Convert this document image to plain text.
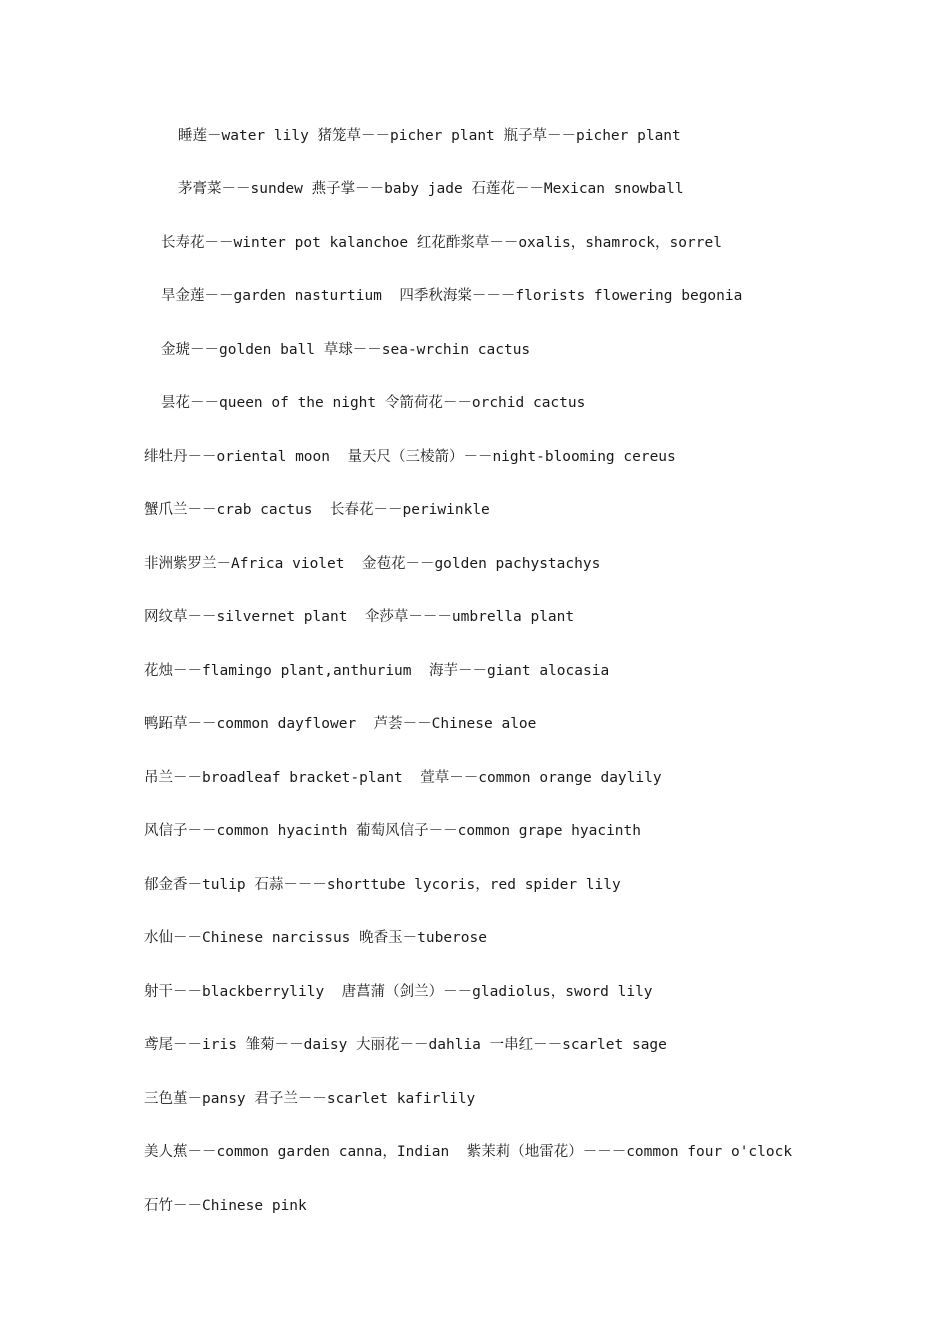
睡莲－water lily 猪笼草－－picher plant 瓶子草－－picher plant
茅膏菜－－sundew 燕子掌－－baby jade 石莲花－－Mexican snowball
长寿花－－winter pot kalanchoe 红花酢浆草－－oxalis，shamrock，sorrel
旱金莲－－garden nasturtium  四季秋海棠－－－florists flowering begonia
金琥－－golden ball 草球－－sea-wrchin cactus
昙花－－queen of the night 令箭荷花－－orchid cactus
绯牡丹－－oriental moon  量天尺（三棱箭）－－night-blooming cereus
蟹爪兰－－crab cactus  长春花－－periwinkle
非洲紫罗兰－Africa violet  金苞花－－golden pachystachys
网纹草－－silvernet plant  伞莎草－－－umbrella plant
花烛－－flamingo plant,anthurium  海芋－－giant alocasia
鸭跖草－－common dayflower  芦荟－－Chinese aloe
吊兰－－broadleaf bracket-plant  萱草－－common orange daylily
风信子－－common hyacinth 葡萄风信子－－common grape hyacinth
郁金香－tulip 石蒜－－－shorttube lycoris，red spider lily
水仙－－Chinese narcissus 晚香玉－tuberose
射干－－blackberrylily  唐菖蒲（剑兰）－－gladiolus，sword lily
鸢尾－－iris 雏菊－－daisy 大丽花－－dahlia 一串红－－scarlet sage
三色堇－pansy 君子兰－－scarlet kafirlily
美人蕉－－common garden canna，Indian  紫茉莉（地雷花）－－－common four o'clock
石竹－－Chinese pink
